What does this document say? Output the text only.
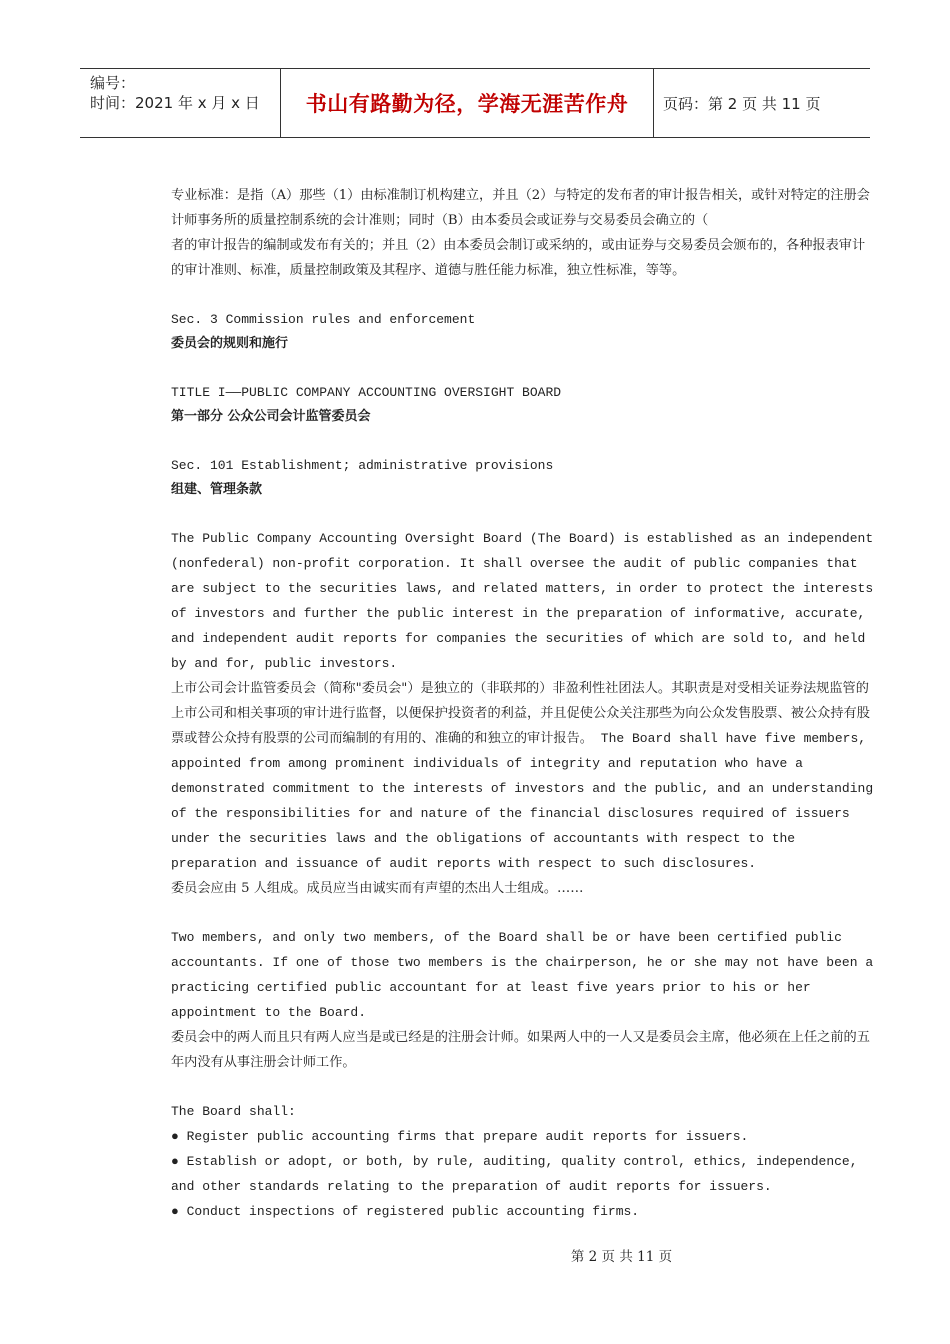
编号：
时间：2021 年 x 月 x 日	书山有路勤为径，学海无涯苦作舟	页码：第 2 页 共 11 页

专业标准：是指（A）那些（1）由标准制订机构建立，并且（2）与特定的发布者的审计报告相关，或针对特定的注册会计师事务所的质量控制系统的会计准则；同时（B）由本委员会或证券与交易委员会确立的（
者的审计报告的编制或发布有关的；并且（2）由本委员会制订或采纳的，或由证券与交易委员会颁布的，各种报表审计的审计准则、标准，质量控制政策及其程序、道德与胜任能力标准，独立性标准，等等。

Sec. 3 Commission rules and enforcement

委员会的规则和施行

TITLE I——PUBLIC COMPANY ACCOUNTING OVERSIGHT BOARD

第一部分 公众公司会计监管委员会

Sec. 101 Establishment; administrative provisions

组建、管理条款

The Public Company Accounting Oversight Board (The Board) is established as an independent (nonfederal) non-profit corporation. It shall oversee the audit of public companies that are subject to the securities laws, and related matters, in order to protect the interests of investors and further the public interest in the preparation of informative, accurate, and independent audit reports for companies the securities of which are sold to, and held by and for, public investors.

上市公司会计监管委员会（简称"委员会"）是独立的（非联邦的）非盈利性社团法人。其职责是对受相关证券法规监管的上市公司和相关事项的审计进行监督，以便保护投资者的利益，并且促使公众关注那些为向公众发售股票、被公众持有股票或替公众持有股票的公司而编制的有用的、准确的和独立的审计报告。 The Board shall have five members, appointed from among prominent individuals of integrity and reputation who have a demonstrated commitment to the interests of investors and the public, and an understanding of the responsibilities for and nature of the financial disclosures required of issuers under the securities laws and the obligations of accountants with respect to the preparation and issuance of audit reports with respect to such disclosures.

委员会应由 5 人组成。成员应当由诚实而有声望的杰出人士组成。……

Two members, and only two members, of the Board shall be or have been certified public accountants. If one of those two members is the chairperson, he or she may not have been a practicing certified public accountant for at least five years prior to his or her appointment to the Board.

委员会中的两人而且只有两人应当是或已经是的注册会计师。如果两人中的一人又是委员会主席，他必须在上任之前的五年内没有从事注册会计师工作。

The Board shall:

● Register public accounting firms that prepare audit reports for issuers.

● Establish or adopt, or both, by rule, auditing, quality control, ethics, independence, and other standards relating to the preparation of audit reports for issuers.

● Conduct inspections of registered public accounting firms.

第 2 页 共 11 页
